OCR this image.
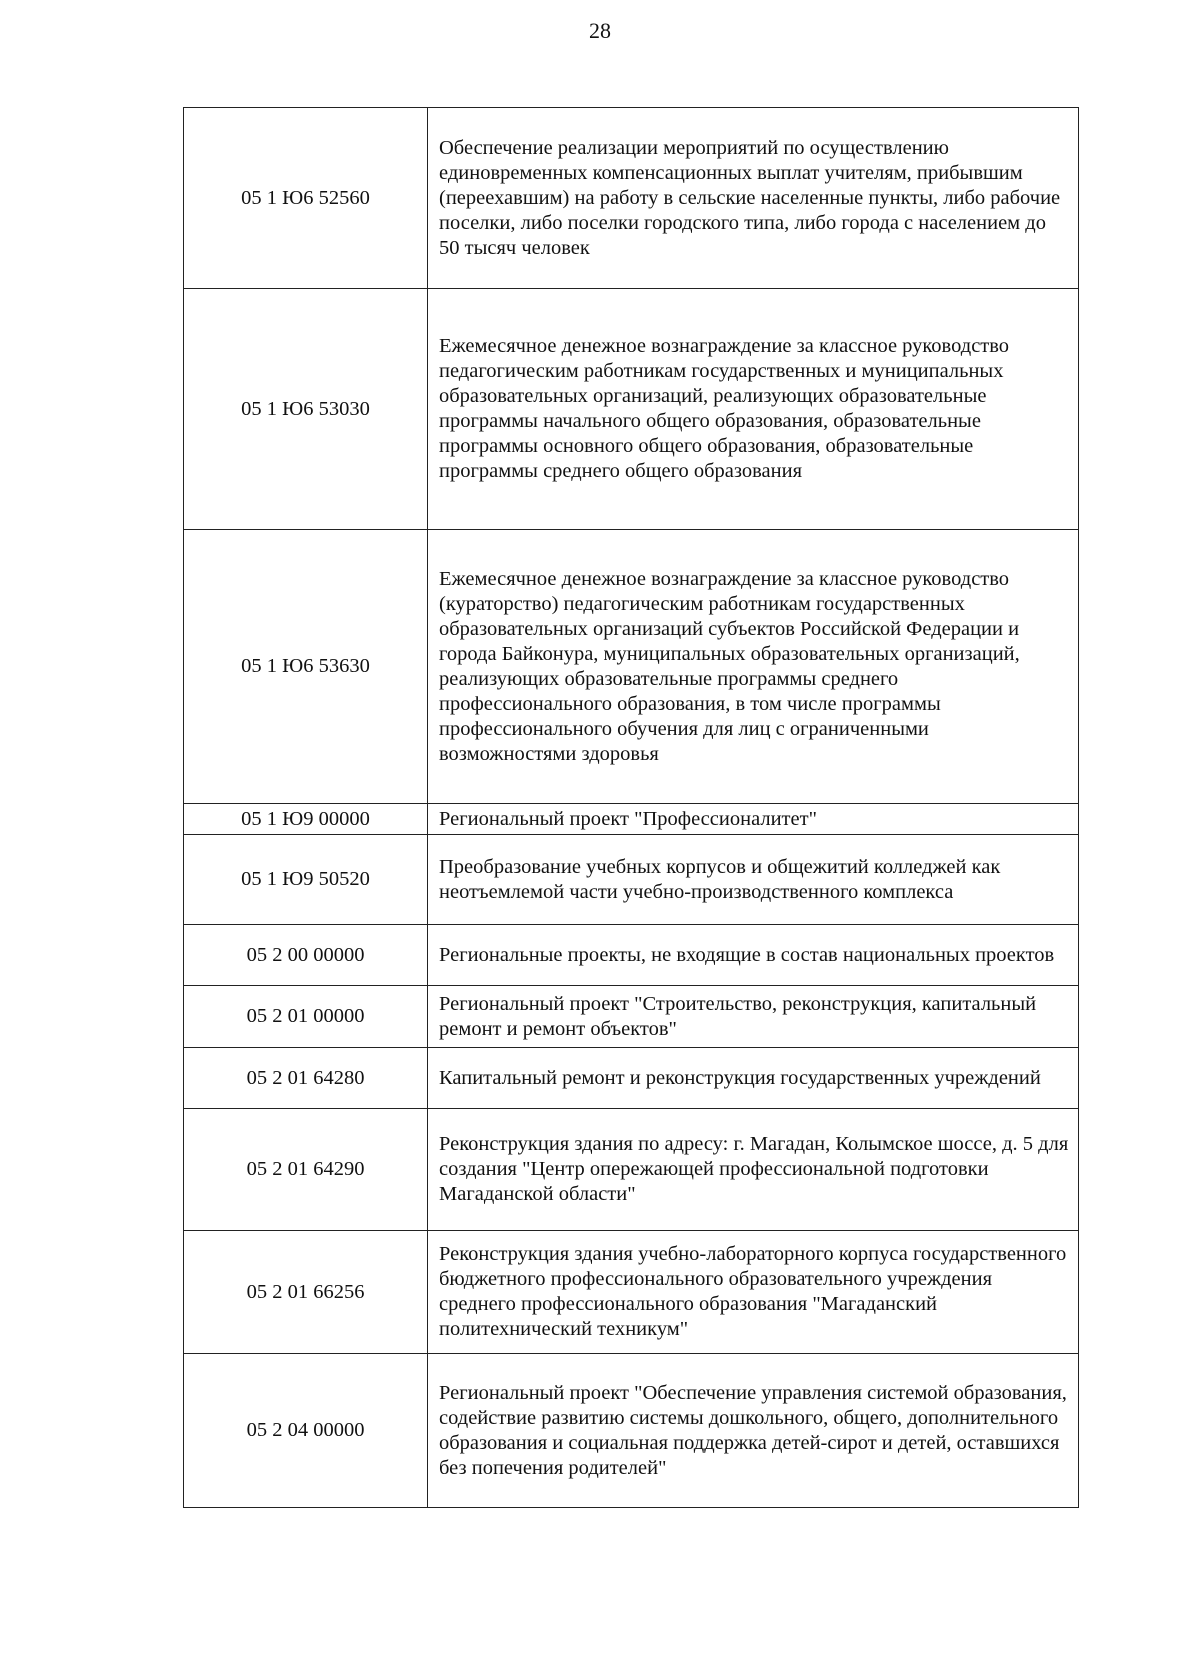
28
05 1 Ю6 52560	Обеспечение реализации мероприятий по осуществлению единовременных компенсационных выплат учителям, прибывшим (переехавшим) на работу в сельские населенные пункты, либо рабочие поселки, либо поселки городского типа, либо города с населением до 50 тысяч человек
05 1 Ю6 53030	Ежемесячное денежное вознаграждение за классное руководство педагогическим работникам государственных и муниципальных образовательных организаций, реализующих образовательные программы начального общего образования, образовательные программы основного общего образования, образовательные программы среднего общего образования
05 1 Ю6 53630	Ежемесячное денежное вознаграждение за классное руководство (кураторство) педагогическим работникам государственных образовательных организаций субъектов Российской Федерации и города Байконура, муниципальных образовательных организаций, реализующих образовательные программы среднего профессионального образования, в том числе программы профессионального обучения для лиц с ограниченными возможностями здоровья
05 1 Ю9 00000	Региональный проект "Профессионалитет"
05 1 Ю9 50520	Преобразование учебных корпусов и общежитий колледжей как неотъемлемой части учебно-производственного комплекса
05 2 00 00000	Региональные проекты, не входящие в состав национальных проектов
05 2 01 00000	Региональный проект "Строительство, реконструкция, капитальный ремонт и ремонт объектов"
05 2 01 64280	Капитальный ремонт и реконструкция государственных учреждений
05 2 01 64290	Реконструкция здания по адресу: г. Магадан, Колымское шоссе, д. 5 для создания "Центр опережающей профессиональной подготовки Магаданской области"
05 2 01 66256	Реконструкция здания учебно-лабораторного корпуса государственного бюджетного профессионального образовательного учреждения среднего профессионального образования "Магаданский политехнический техникум"
05 2 04 00000	Региональный проект "Обеспечение управления системой образования, содействие развитию системы дошкольного, общего, дополнительного образования и социальная поддержка детей-сирот и детей, оставшихся без попечения родителей"
